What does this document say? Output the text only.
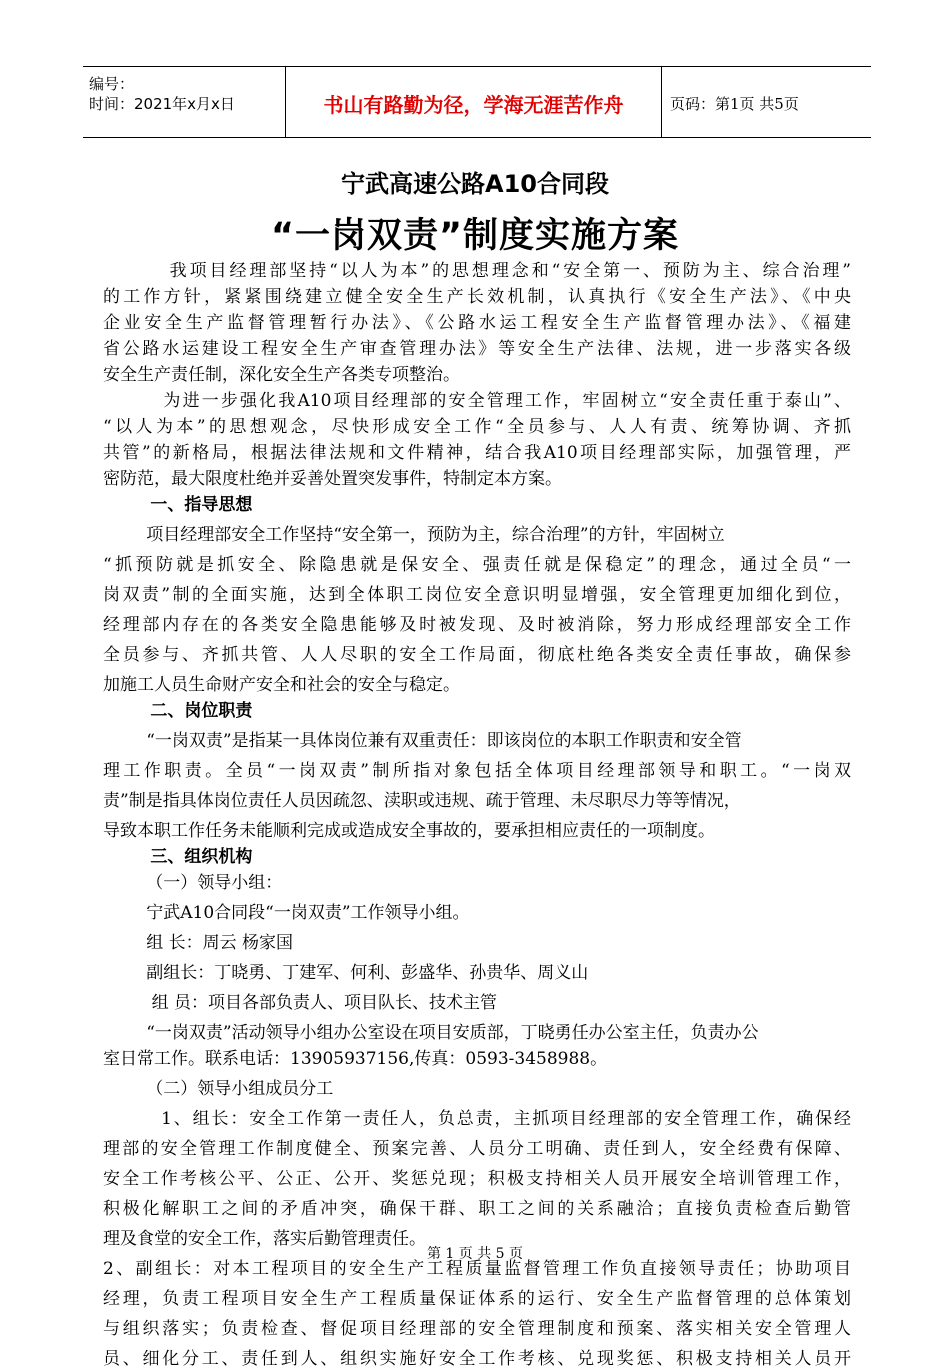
编号：
时间：2021年x月x日	书山有路勤为径，学海无涯苦作舟	页码：第1页 共5页
宁武高速公路A10合同段
“一岗双责”制度实施方案
我项目经理部坚持“以人为本”的思想理念和“安全第一、预防为主、综合治理”
的工作方针，紧紧围绕建立健全安全生产长效机制，认真执行《安全生产法》、《中央
企业安全生产监督管理暂行办法》、《公路水运工程安全生产监督管理办法》、《福建
省公路水运建设工程安全生产审查管理办法》等安全生产法律、法规，进一步落实各级
安全生产责任制，深化安全生产各类专项整治。
为进一步强化我A10项目经理部的安全管理工作，牢固树立“安全责任重于泰山”、
“以人为本”的思想观念，尽快形成安全工作“全员参与、人人有责、统筹协调、齐抓
共管”的新格局，根据法律法规和文件精神，结合我A10项目经理部实际，加强管理，严
密防范，最大限度杜绝并妥善处置突发事件，特制定本方案。
一、指导思想
项目经理部安全工作坚持“安全第一，预防为主，综合治理”的方针，牢固树立
“抓预防就是抓安全、除隐患就是保安全、强责任就是保稳定”的理念，通过全员“一
岗双责”制的全面实施，达到全体职工岗位安全意识明显增强，安全管理更加细化到位，
经理部内存在的各类安全隐患能够及时被发现、及时被消除，努力形成经理部安全工作
全员参与、齐抓共管、人人尽职的安全工作局面，彻底杜绝各类安全责任事故，确保参
加施工人员生命财产安全和社会的安全与稳定。
二、岗位职责
“一岗双责”是指某一具体岗位兼有双重责任：即该岗位的本职工作职责和安全管
理工作职责。全员“一岗双责”制所指对象包括全体项目经理部领导和职工。“一岗双
责”制是指具体岗位责任人员因疏忽、渎职或违规、疏于管理、未尽职尽力等等情况，
导致本职工作任务未能顺利完成或造成安全事故的，要承担相应责任的一项制度。
三、组织机构
（一）领导小组：
宁武A10合同段“一岗双责”工作领导小组。
组 长：周云 杨家国
副组长：丁晓勇、丁建军、何利、彭盛华、孙贵华、周义山
组 员：项目各部负责人、项目队长、技术主管
“一岗双责”活动领导小组办公室设在项目安质部，丁晓勇任办公室主任，负责办公
室日常工作。联系电话：13905937156,传真：0593-3458988。
（二）领导小组成员分工
1、组长：安全工作第一责任人，负总责，主抓项目经理部的安全管理工作，确保经
理部的安全管理工作制度健全、预案完善、人员分工明确、责任到人，安全经费有保障、
安全工作考核公平、公正、公开、奖惩兑现；积极支持相关人员开展安全培训管理工作，
积极化解职工之间的矛盾冲突，确保干群、职工之间的关系融洽；直接负责检查后勤管
理及食堂的安全工作，落实后勤管理责任。
2、副组长：对本工程项目的安全生产工程质量监督管理工作负直接领导责任；协助项目
经理，负责工程项目安全生产工程质量保证体系的运行、安全生产监督管理的总体策划
与组织落实；负责检查、督促项目经理部的安全管理制度和预案、落实相关安全管理人
员、细化分工、责任到人、组织实施好安全工作考核、兑现奖惩、积极支持相关人员开
第 1 页 共 5 页
